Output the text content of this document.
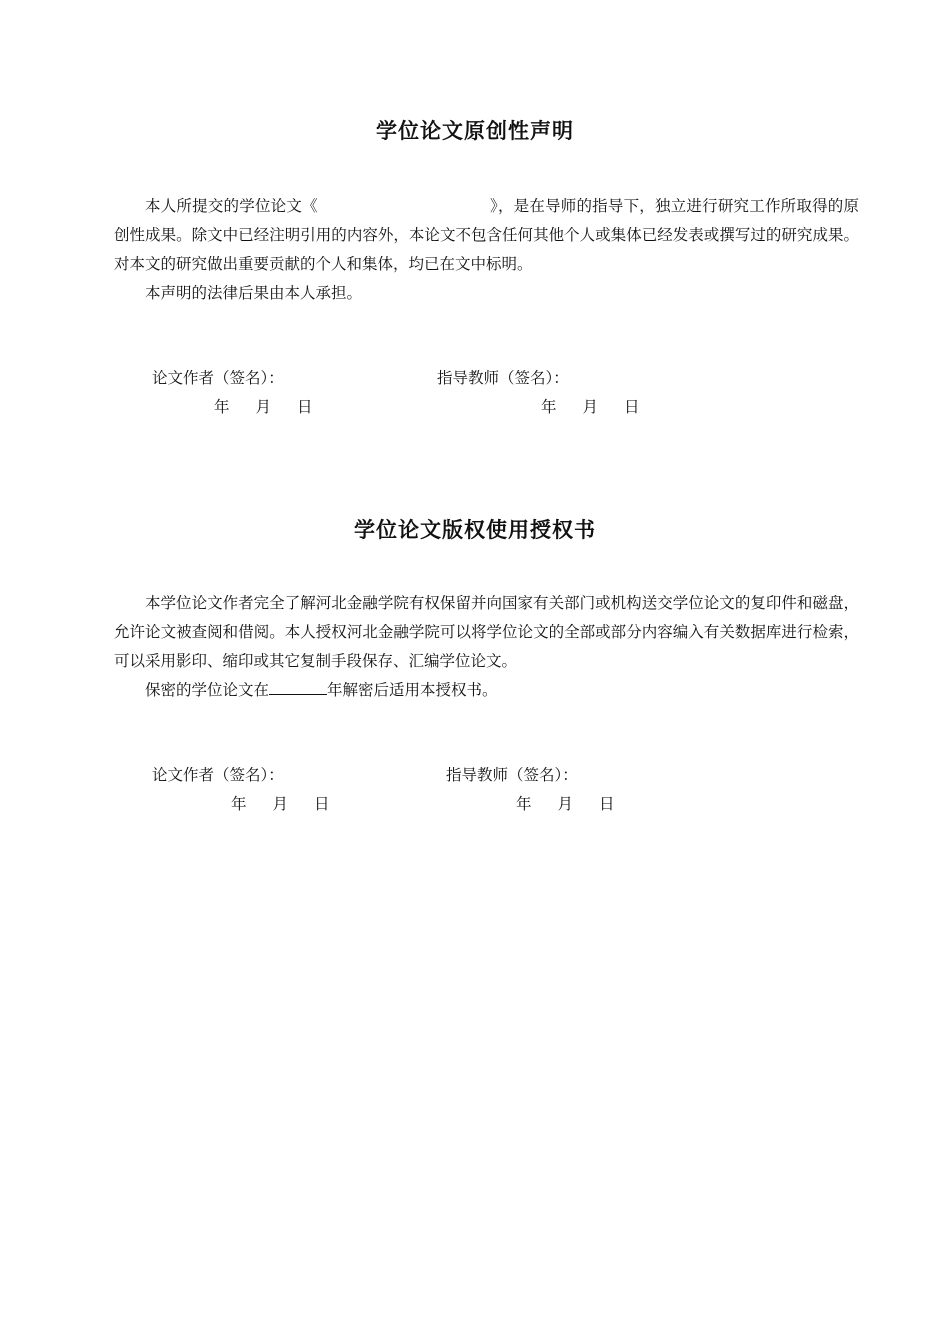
学位论文原创性声明

本人所提交的学位论文《	》，是在导师的指导下，独立进行研究工作所取得的原创性成果。除文中已经注明引用的内容外，本论文不包含任何其他个人或集体已经发表或撰写过的研究成果。对本文的研究做出重要贡献的个人和集体，均已在文中标明。

本声明的法律后果由本人承担。

论文作者（签名）：	指导教师（签名）：
年 月 日	年 月 日
学位论文版权使用授权书

本学位论文作者完全了解河北金融学院有权保留并向国家有关部门或机构送交学位论文的复印件和磁盘，允许论文被查阅和借阅。本人授权河北金融学院可以将学位论文的全部或部分内容编入有关数据库进行检索，可以采用影印、缩印或其它复制手段保存、汇编学位论文。

保密的学位论文在	年解密后适用本授权书。

论文作者（签名）：	指导教师（签名）：
年 月 日	年 月 日
